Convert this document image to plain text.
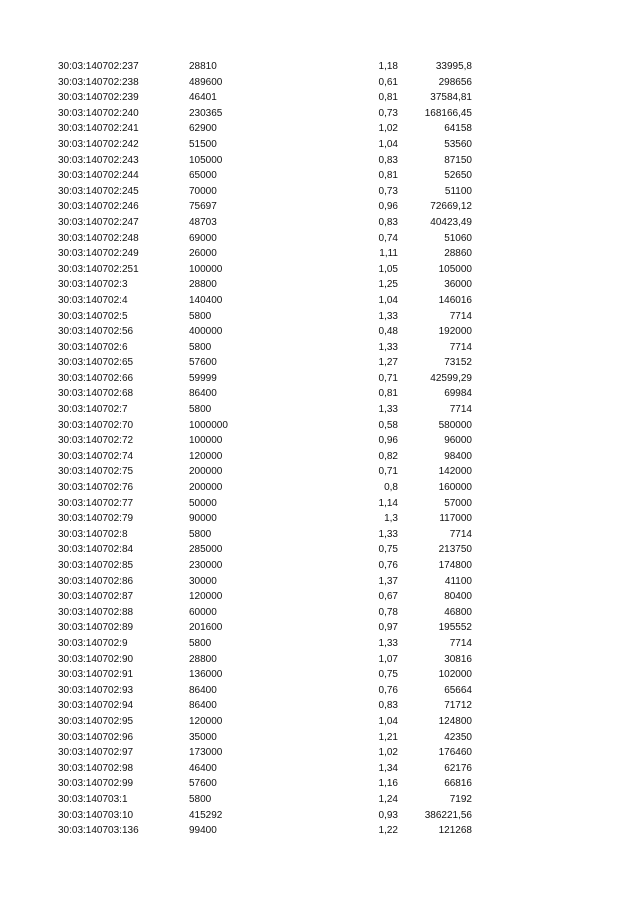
30:03:140702:237	28810	1,18	33995,8
30:03:140702:238	489600	0,61	298656
30:03:140702:239	46401	0,81	37584,81
30:03:140702:240	230365	0,73	168166,45
30:03:140702:241	62900	1,02	64158
30:03:140702:242	51500	1,04	53560
30:03:140702:243	105000	0,83	87150
30:03:140702:244	65000	0,81	52650
30:03:140702:245	70000	0,73	51100
30:03:140702:246	75697	0,96	72669,12
30:03:140702:247	48703	0,83	40423,49
30:03:140702:248	69000	0,74	51060
30:03:140702:249	26000	1,11	28860
30:03:140702:251	100000	1,05	105000
30:03:140702:3	28800	1,25	36000
30:03:140702:4	140400	1,04	146016
30:03:140702:5	5800	1,33	7714
30:03:140702:56	400000	0,48	192000
30:03:140702:6	5800	1,33	7714
30:03:140702:65	57600	1,27	73152
30:03:140702:66	59999	0,71	42599,29
30:03:140702:68	86400	0,81	69984
30:03:140702:7	5800	1,33	7714
30:03:140702:70	1000000	0,58	580000
30:03:140702:72	100000	0,96	96000
30:03:140702:74	120000	0,82	98400
30:03:140702:75	200000	0,71	142000
30:03:140702:76	200000	0,8	160000
30:03:140702:77	50000	1,14	57000
30:03:140702:79	90000	1,3	117000
30:03:140702:8	5800	1,33	7714
30:03:140702:84	285000	0,75	213750
30:03:140702:85	230000	0,76	174800
30:03:140702:86	30000	1,37	41100
30:03:140702:87	120000	0,67	80400
30:03:140702:88	60000	0,78	46800
30:03:140702:89	201600	0,97	195552
30:03:140702:9	5800	1,33	7714
30:03:140702:90	28800	1,07	30816
30:03:140702:91	136000	0,75	102000
30:03:140702:93	86400	0,76	65664
30:03:140702:94	86400	0,83	71712
30:03:140702:95	120000	1,04	124800
30:03:140702:96	35000	1,21	42350
30:03:140702:97	173000	1,02	176460
30:03:140702:98	46400	1,34	62176
30:03:140702:99	57600	1,16	66816
30:03:140703:1	5800	1,24	7192
30:03:140703:10	415292	0,93	386221,56
30:03:140703:136	99400	1,22	121268
